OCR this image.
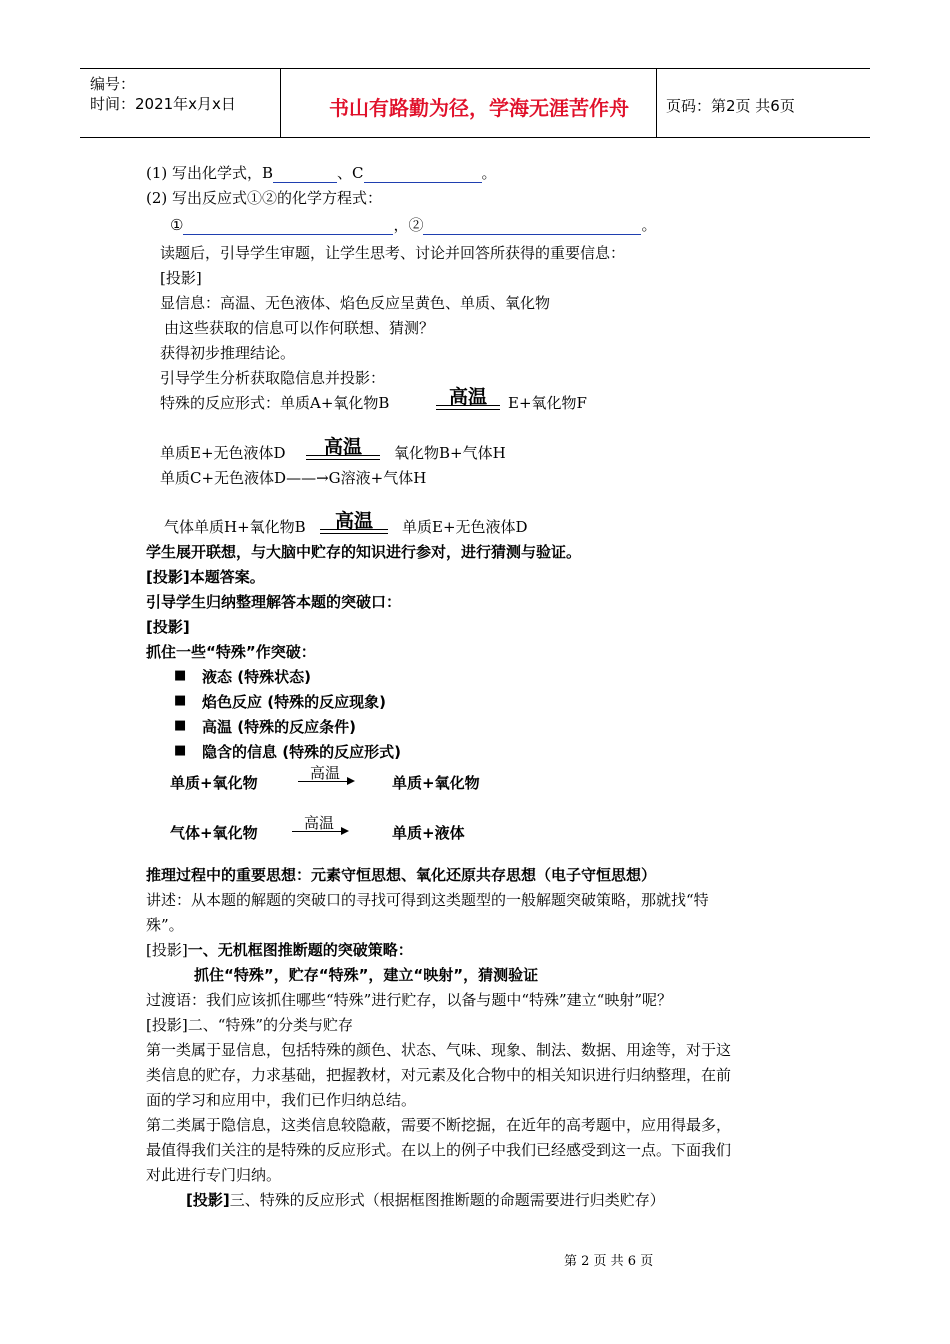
编号：
时间：2021年x月x日	书山有路勤为径，学海无涯苦作舟	页码：第2页 共6页
(1) 写出化学式，B	、C	。
(2) 写出反应式①②的化学方程式：
①	，②	。
读题后，引导学生审题，让学生思考、讨论并回答所获得的重要信息：
[投影]
显信息：高温、无色液体、焰色反应呈黄色、单质、氧化物
由这些获取的信息可以作何联想、猜测？
获得初步推理结论。
引导学生分析获取隐信息并投影：
特殊的反应形式：单质A+氧化物B	高温	E+氧化物F
单质E+无色液体D	高温	氧化物B+气体H
单质C+无色液体D——→G溶液+气体H
气体单质H+氧化物B	高温	单质E+无色液体D
学生展开联想，与大脑中贮存的知识进行参对，进行猜测与验证。
[投影]本题答案。
引导学生归纳整理解答本题的突破口：
[投影]
抓住一些“特殊”作突破：
■ 液态 (特殊状态)
■ 焰色反应 (特殊的反应现象)
■ 高温 (特殊的反应条件)
■ 隐含的信息 (特殊的反应形式)
单质+氧化物
高温
单质+氧化物
气体+氧化物
高温
单质+液体
推理过程中的重要思想：元素守恒思想、氧化还原共存思想（电子守恒思想）
讲述：从本题的解题的突破口的寻找可得到这类题型的一般解题突破策略，那就找“特
殊”。
[投影]一、无机框图推断题的突破策略：
抓住“特殊”，贮存“特殊”，建立“映射”，猜测验证
过渡语：我们应该抓住哪些“特殊”进行贮存，以备与题中“特殊”建立“映射”呢？
[投影]二、“特殊”的分类与贮存
第一类属于显信息，包括特殊的颜色、状态、气味、现象、制法、数据、用途等，对于这
类信息的贮存，力求基础，把握教材，对元素及化合物中的相关知识进行归纳整理，在前
面的学习和应用中，我们已作归纳总结。
第二类属于隐信息，这类信息较隐蔽，需要不断挖掘，在近年的高考题中，应用得最多，
最值得我们关注的是特殊的反应形式。在以上的例子中我们已经感受到这一点。下面我们
对此进行专门归纳。
[投影]三、特殊的反应形式（根据框图推断题的命题需要进行归类贮存）
第 2 页 共 6 页
